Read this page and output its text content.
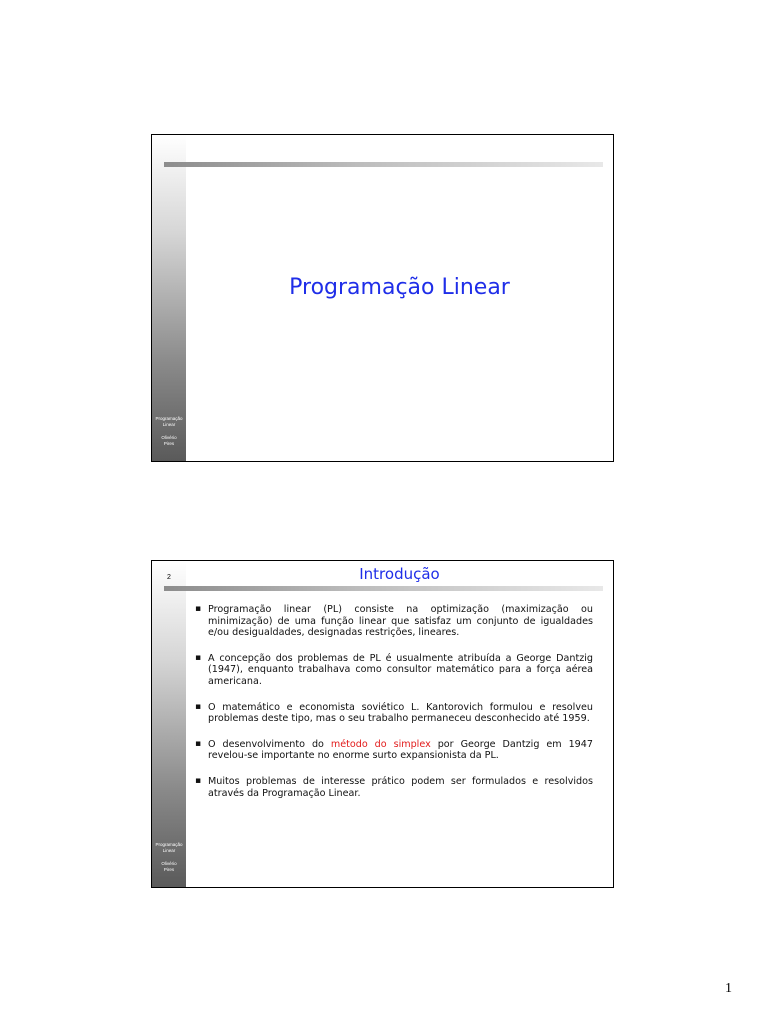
Programação
Linear
Olivério
Pires
Programação Linear
2
Programação
Linear
Olivério
Pires
Introdução
▪ Programação linear (PL) consiste na optimização (maximização ou minimização) de uma função linear que satisfaz um conjunto de igualdades e/ou desigualdades, designadas restrições, lineares.
▪ A concepção dos problemas de PL é usualmente atribuída a George Dantzig (1947), enquanto trabalhava como consultor matemático para a força aérea americana.
▪ O matemático e economista soviético L. Kantorovich formulou e resolveu problemas deste tipo, mas o seu trabalho permaneceu desconhecido até 1959.
▪ O desenvolvimento do método do simplex por George Dantzig em 1947 revelou-se importante no enorme surto expansionista da PL.
▪ Muitos problemas de interesse prático podem ser formulados e resolvidos através da Programação Linear.
1
